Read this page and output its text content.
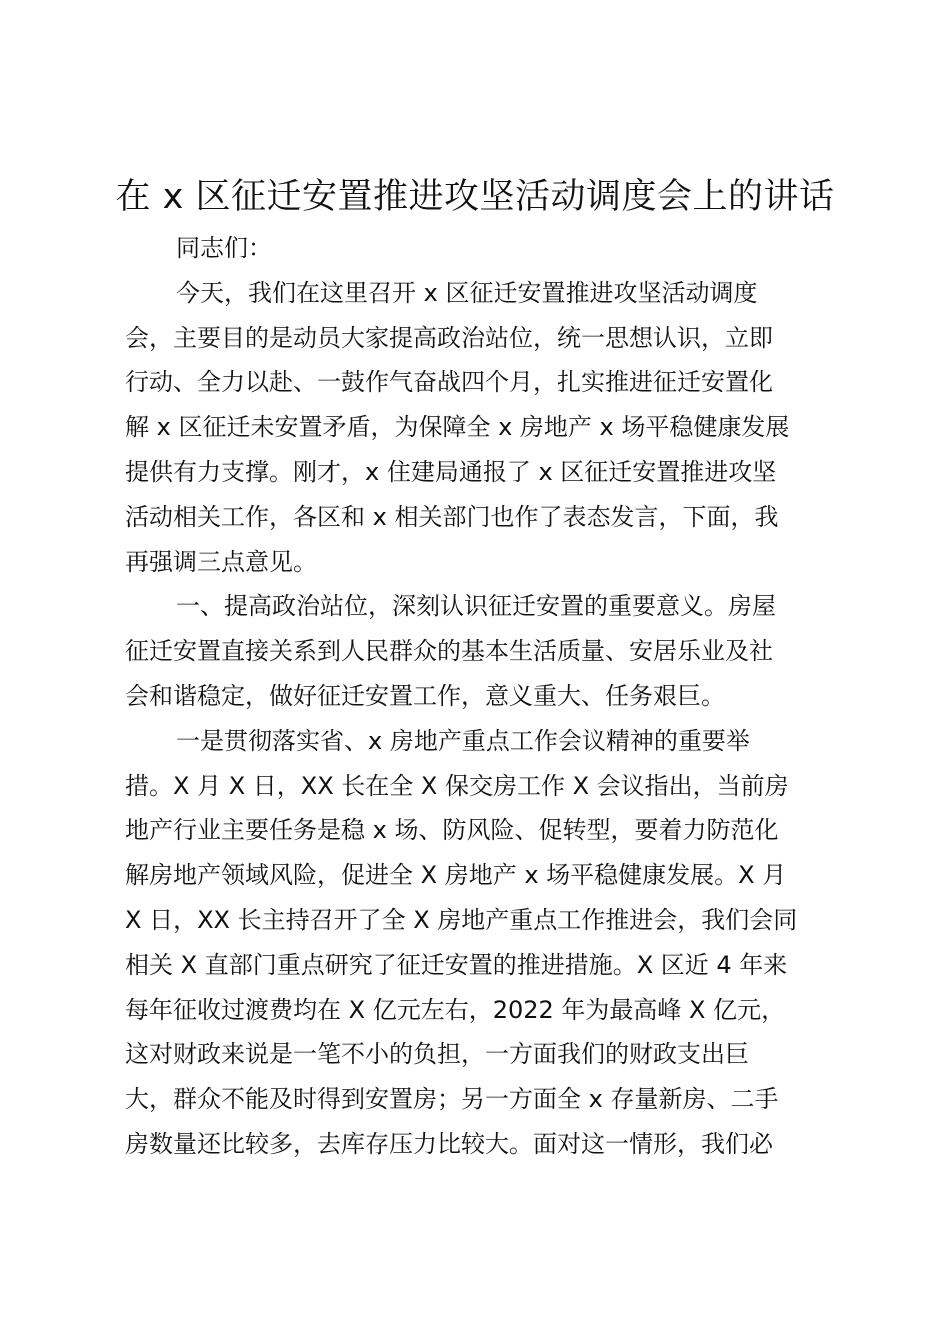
在 x 区征迁安置推进攻坚活动调度会上的讲话
同志们：
今天，我们在这里召开 x 区征迁安置推进攻坚活动调度
会，主要目的是动员大家提高政治站位，统一思想认识，立即
行动、全力以赴、一鼓作气奋战四个月，扎实推进征迁安置化
解 x 区征迁未安置矛盾，为保障全 x 房地产 x 场平稳健康发展
提供有力支撑。刚才，x 住建局通报了 x 区征迁安置推进攻坚
活动相关工作，各区和 x 相关部门也作了表态发言，下面，我
再强调三点意见。
一、提高政治站位，深刻认识征迁安置的重要意义。房屋
征迁安置直接关系到人民群众的基本生活质量、安居乐业及社
会和谐稳定，做好征迁安置工作，意义重大、任务艰巨。
一是贯彻落实省、x 房地产重点工作会议精神的重要举
措。X 月 X 日，XX 长在全 X 保交房工作 X 会议指出，当前房
地产行业主要任务是稳 x 场、防风险、促转型，要着力防范化
解房地产领域风险，促进全 X 房地产 x 场平稳健康发展。X 月
X 日，XX 长主持召开了全 X 房地产重点工作推进会，我们会同
相关 X 直部门重点研究了征迁安置的推进措施。X 区近 4 年来
每年征收过渡费均在 X 亿元左右，2022 年为最高峰 X 亿元，
这对财政来说是一笔不小的负担，一方面我们的财政支出巨
大，群众不能及时得到安置房；另一方面全 x 存量新房、二手
房数量还比较多，去库存压力比较大。面对这一情形，我们必
